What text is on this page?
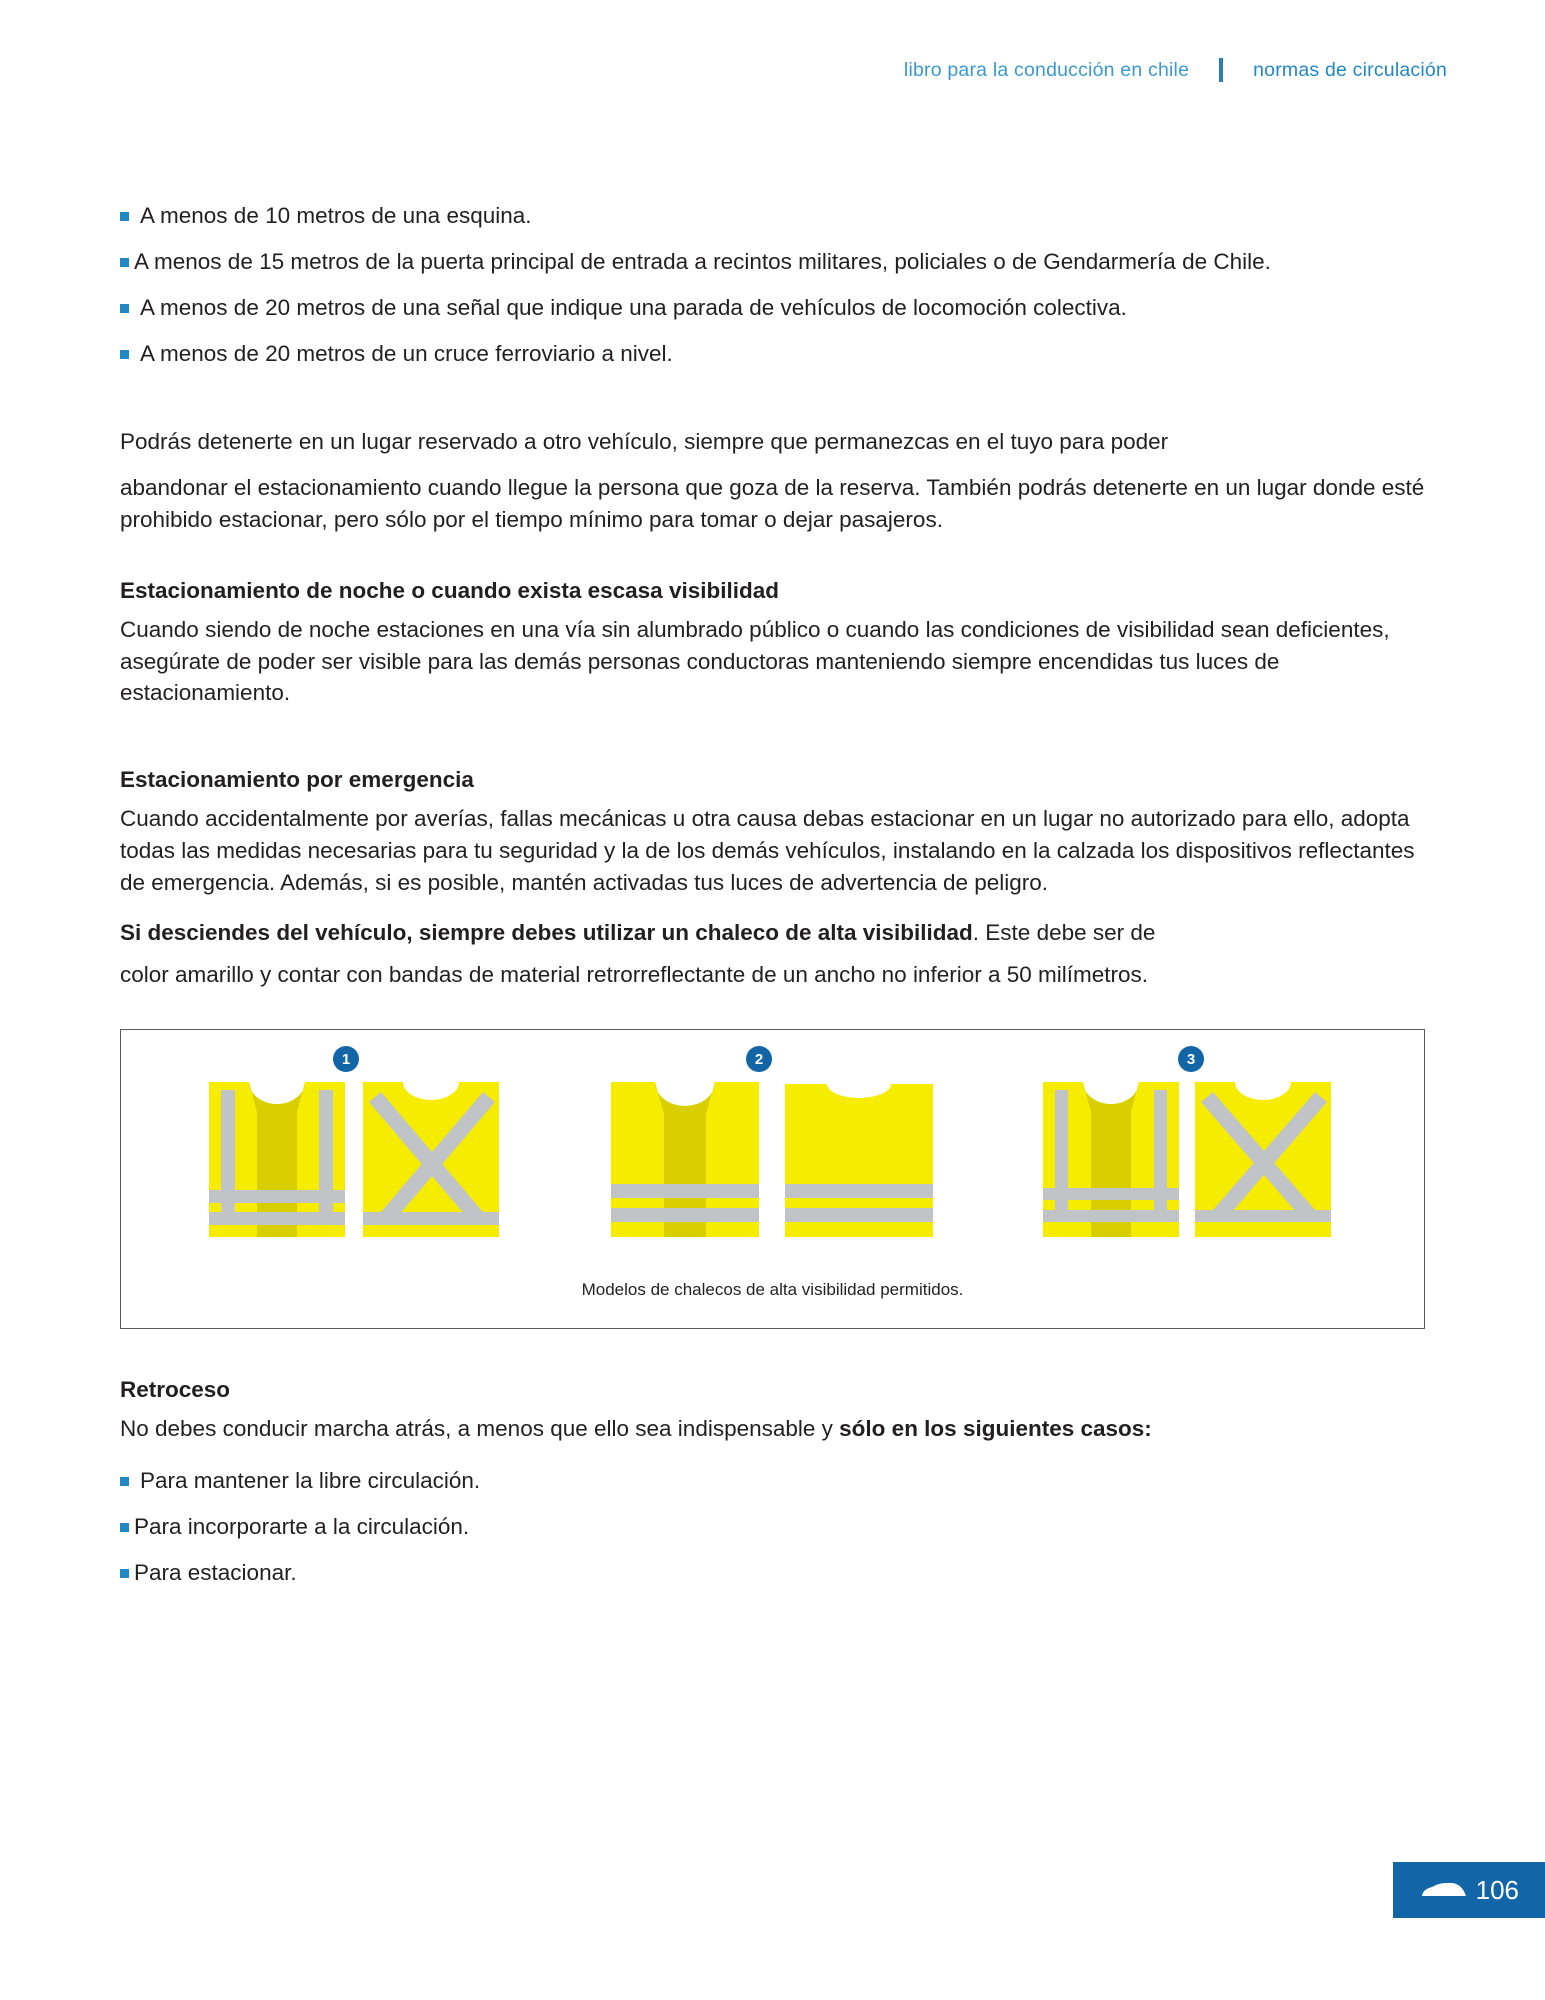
libro para la conducción en chile	normas de circulación
A menos de 10 metros de una esquina.
A menos de 15 metros de la puerta principal de entrada a recintos militares, policiales o de Gendarmería de Chile.
A menos de 20 metros de una señal que indique una parada de vehículos de locomoción colectiva.
A menos de 20 metros de un cruce ferroviario a nivel.

Podrás detenerte en un lugar reservado a otro vehículo, siempre que permanezcas en el tuyo para poder

abandonar el estacionamiento cuando llegue la persona que goza de la reserva. También podrás detenerte en un lugar donde esté prohibido estacionar, pero sólo por el tiempo mínimo para tomar o dejar pasajeros.

Estacionamiento de noche o cuando exista escasa visibilidad

Cuando siendo de noche estaciones en una vía sin alumbrado público o cuando las condiciones de visibilidad sean deficientes, asegúrate de poder ser visible para las demás personas conductoras manteniendo siempre encendidas tus luces de estacionamiento.

Estacionamiento por emergencia

Cuando accidentalmente por averías, fallas mecánicas u otra causa debas estacionar en un lugar no autorizado para ello, adopta todas las medidas necesarias para tu seguridad y la de los demás vehículos, instalando en la calzada los dispositivos reflectantes de emergencia. Además, si es posible, mantén activadas tus luces de advertencia de peligro.

Si desciendes del vehículo, siempre debes utilizar un chaleco de alta visibilidad. Este debe ser de

color amarillo y contar con bandas de material retrorreflectante de un ancho no inferior a 50 milímetros.

1	2	3
Modelos de chalecos de alta visibilidad permitidos.
Retroceso

No debes conducir marcha atrás, a menos que ello sea indispensable y sólo en los siguientes casos:

Para mantener la libre circulación.
Para incorporarte a la circulación.
Para estacionar.
106
